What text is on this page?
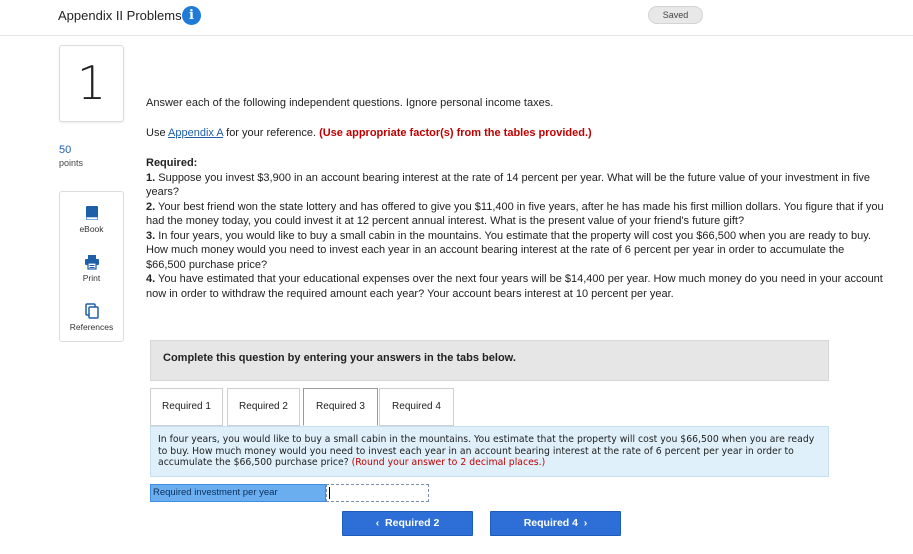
Appendix II Problems i	Saved
1
50
points
eBook
Print
References
Answer each of the following independent questions. Ignore personal income taxes.
Use Appendix A for your reference. (Use appropriate factor(s) from the tables provided.)
Required:
1. Suppose you invest $3,900 in an account bearing interest at the rate of 14 percent per year. What will be the future value of your investment in five years?
2. Your best friend won the state lottery and has offered to give you $11,400 in five years, after he has made his first million dollars. You figure that if you had the money today, you could invest it at 12 percent annual interest. What is the present value of your friend's future gift?
3. In four years, you would like to buy a small cabin in the mountains. You estimate that the property will cost you $66,500 when you are ready to buy. How much money would you need to invest each year in an account bearing interest at the rate of 6 percent per year in order to accumulate the $66,500 purchase price?
4. You have estimated that your educational expenses over the next four years will be $14,400 per year. How much money do you need in your account now in order to withdraw the required amount each year? Your account bears interest at 10 percent per year.
Complete this question by entering your answers in the tabs below.
Required 1	Required 2	Required 3	Required 4
In four years, you would like to buy a small cabin in the mountains. You estimate that the property will cost you $66,500 when you are ready to buy. How much money would you need to invest each year in an account bearing interest at the rate of 6 percent per year in order to accumulate the $66,500 purchase price? (Round your answer to 2 decimal places.)
Required investment per year
‹ Required 2	Required 4 ›
